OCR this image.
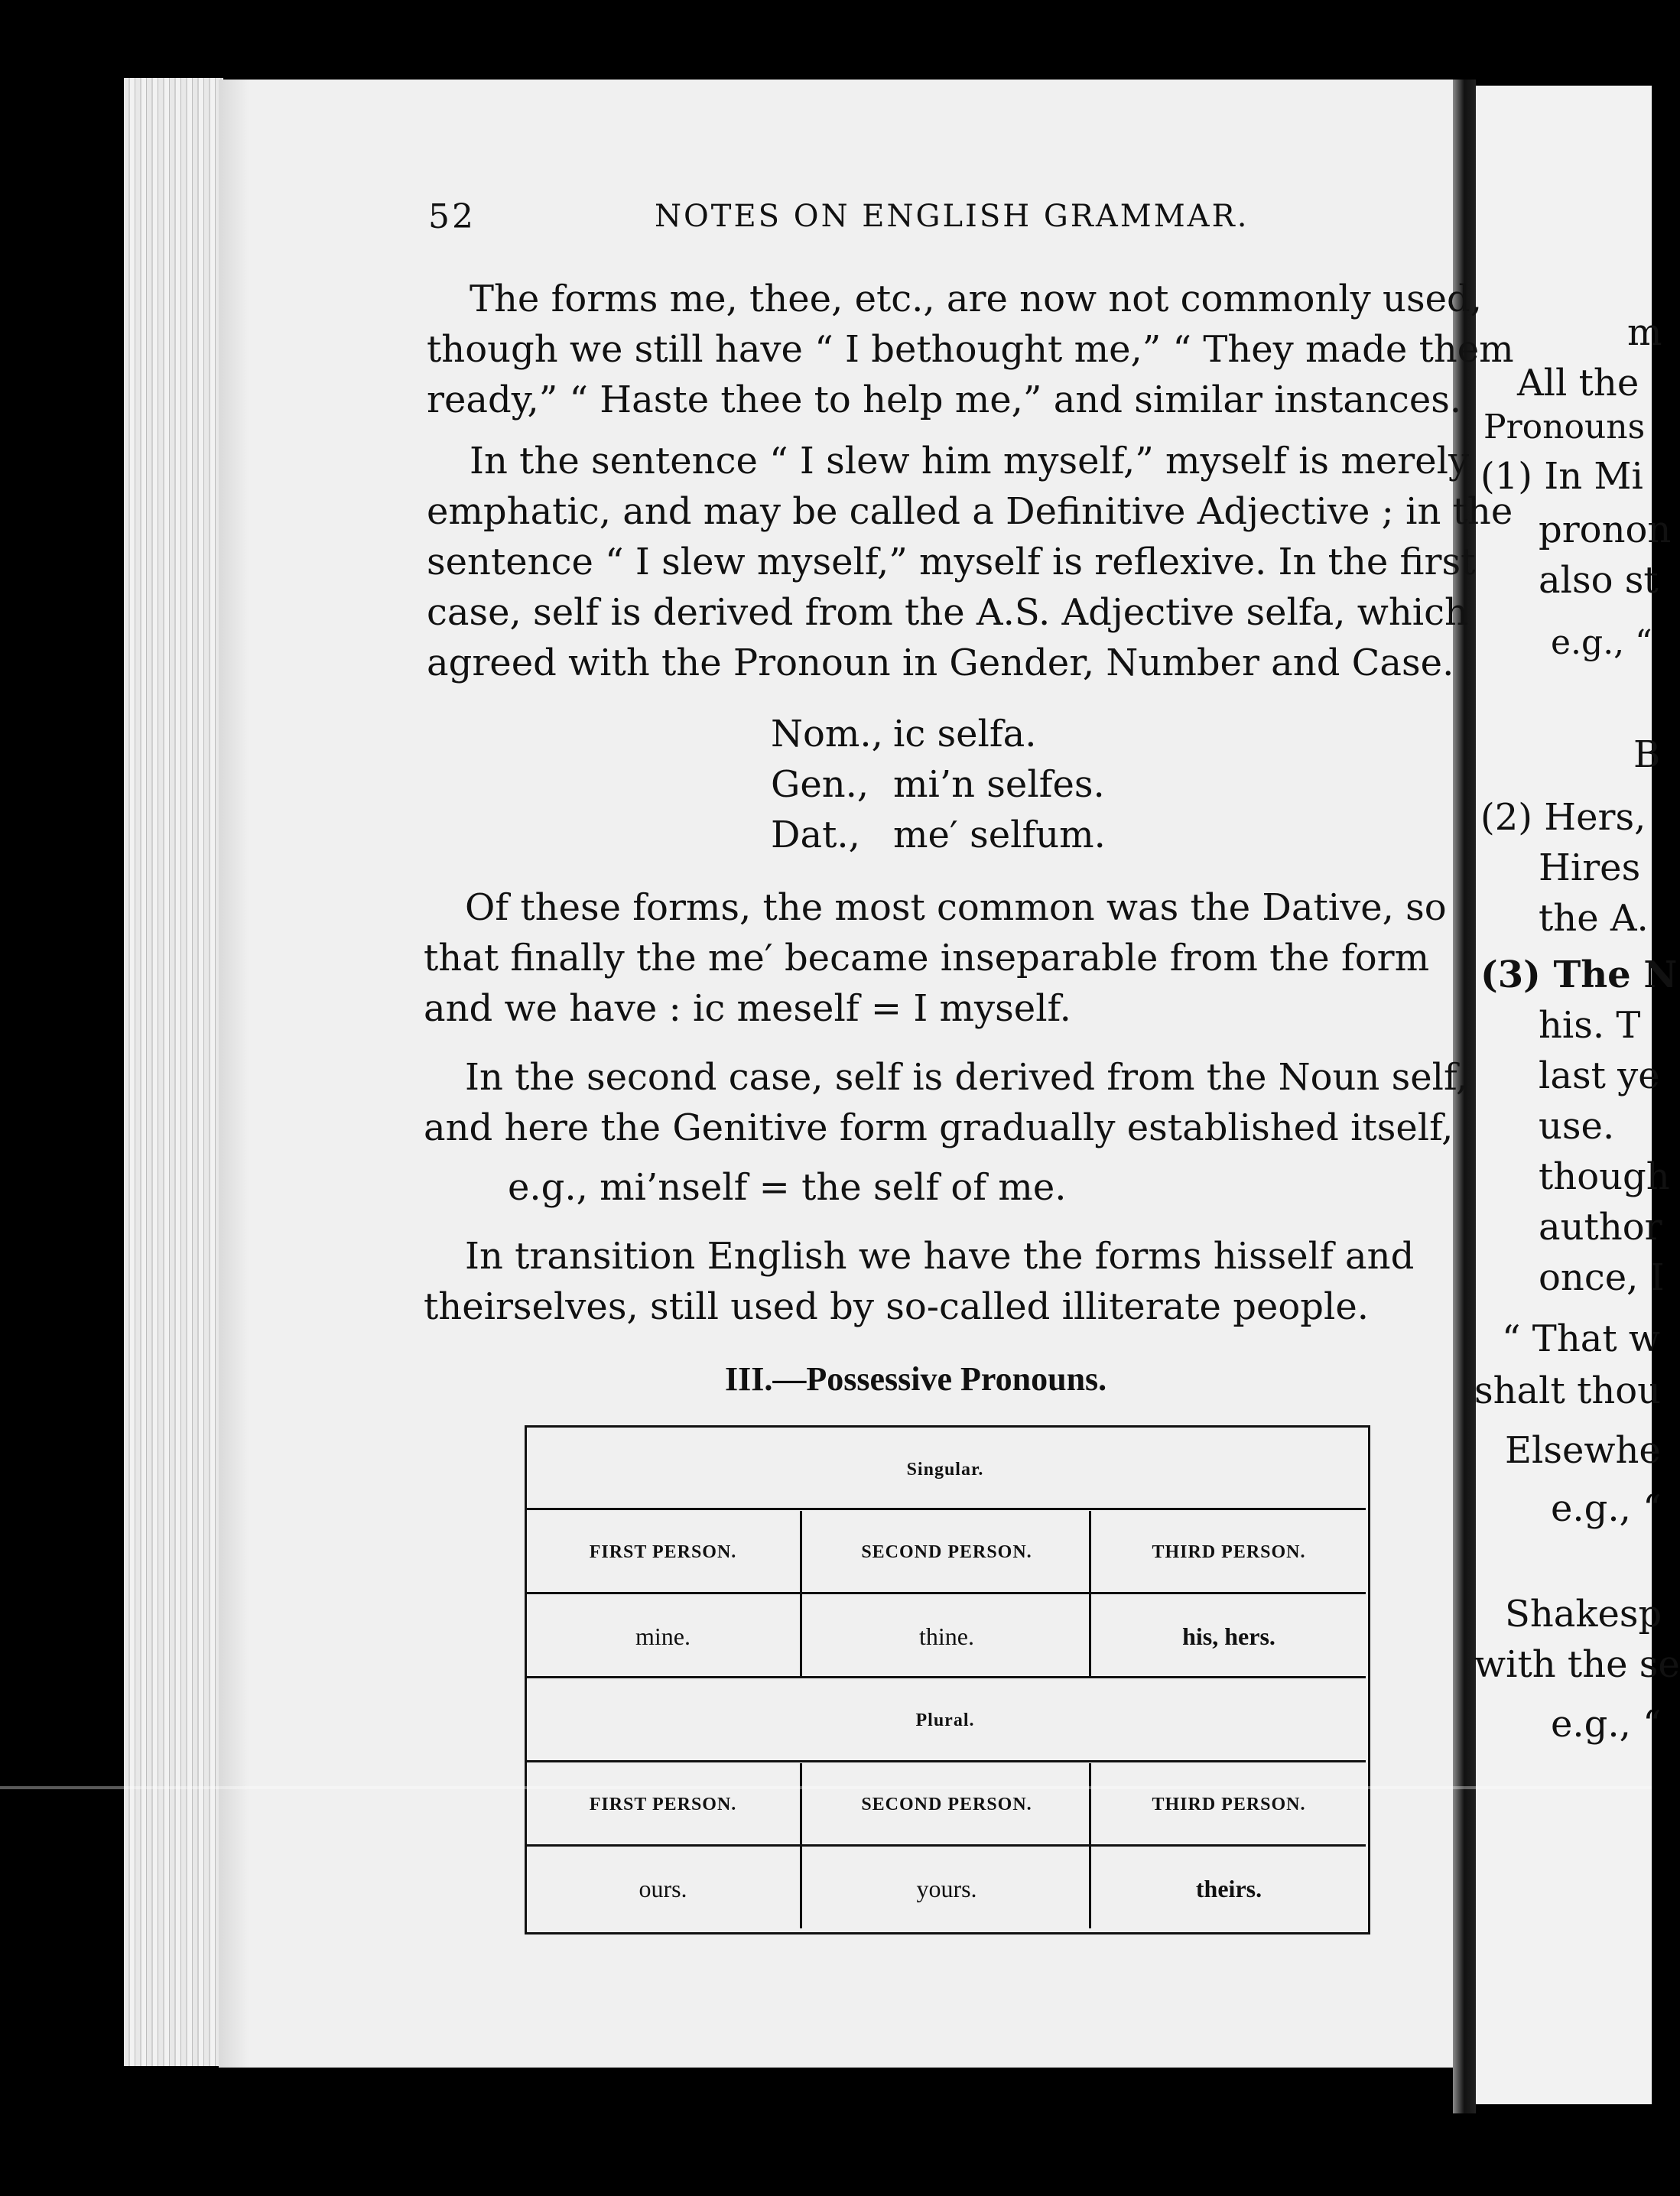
52	NOTES ON ENGLISH GRAMMAR.
The forms me, thee, etc., are now not commonly used,
though we still have “ I bethought me,” “ They made them
ready,” “ Haste thee to help me,” and similar instances.
In the sentence “ I slew him myself,” myself is merely
emphatic, and may be called a Definitive Adjective ; in the
sentence “ I slew myself,” myself is reflexive. In the first
case, self is derived from the A.S. Adjective selfa, which
agreed with the Pronoun in Gender, Number and Case.
Nom., ic selfa.
Gen., mi’n selfes.
Dat., me′ selfum.
Of these forms, the most common was the Dative, so
that finally the me′ became inseparable from the form
and we have : ic meself = I myself.
In the second case, self is derived from the Noun self,
and here the Genitive form gradually established itself,
e.g., mi’nself = the self of me.
In transition English we have the forms hisself and
theirselves, still used by so-called illiterate people.
III.—Possessive Pronouns.
Singular.
FIRST PERSON.	SECOND PERSON.	THIRD PERSON.
mine.	thine.	his, hers.
Plural.
FIRST PERSON.	SECOND PERSON.	THIRD PERSON.
ours.	yours.	theirs.
m
All the
Pronouns
(1) In Mi
pronon
also st
e.g., “
B
(2) Hers,
Hires
the A.
(3) The N
his. T
last ye
use.
though
author
once, I
“ That w
shalt thou
Elsewhe
e.g., “
Shakesp
with the se
e.g., “
